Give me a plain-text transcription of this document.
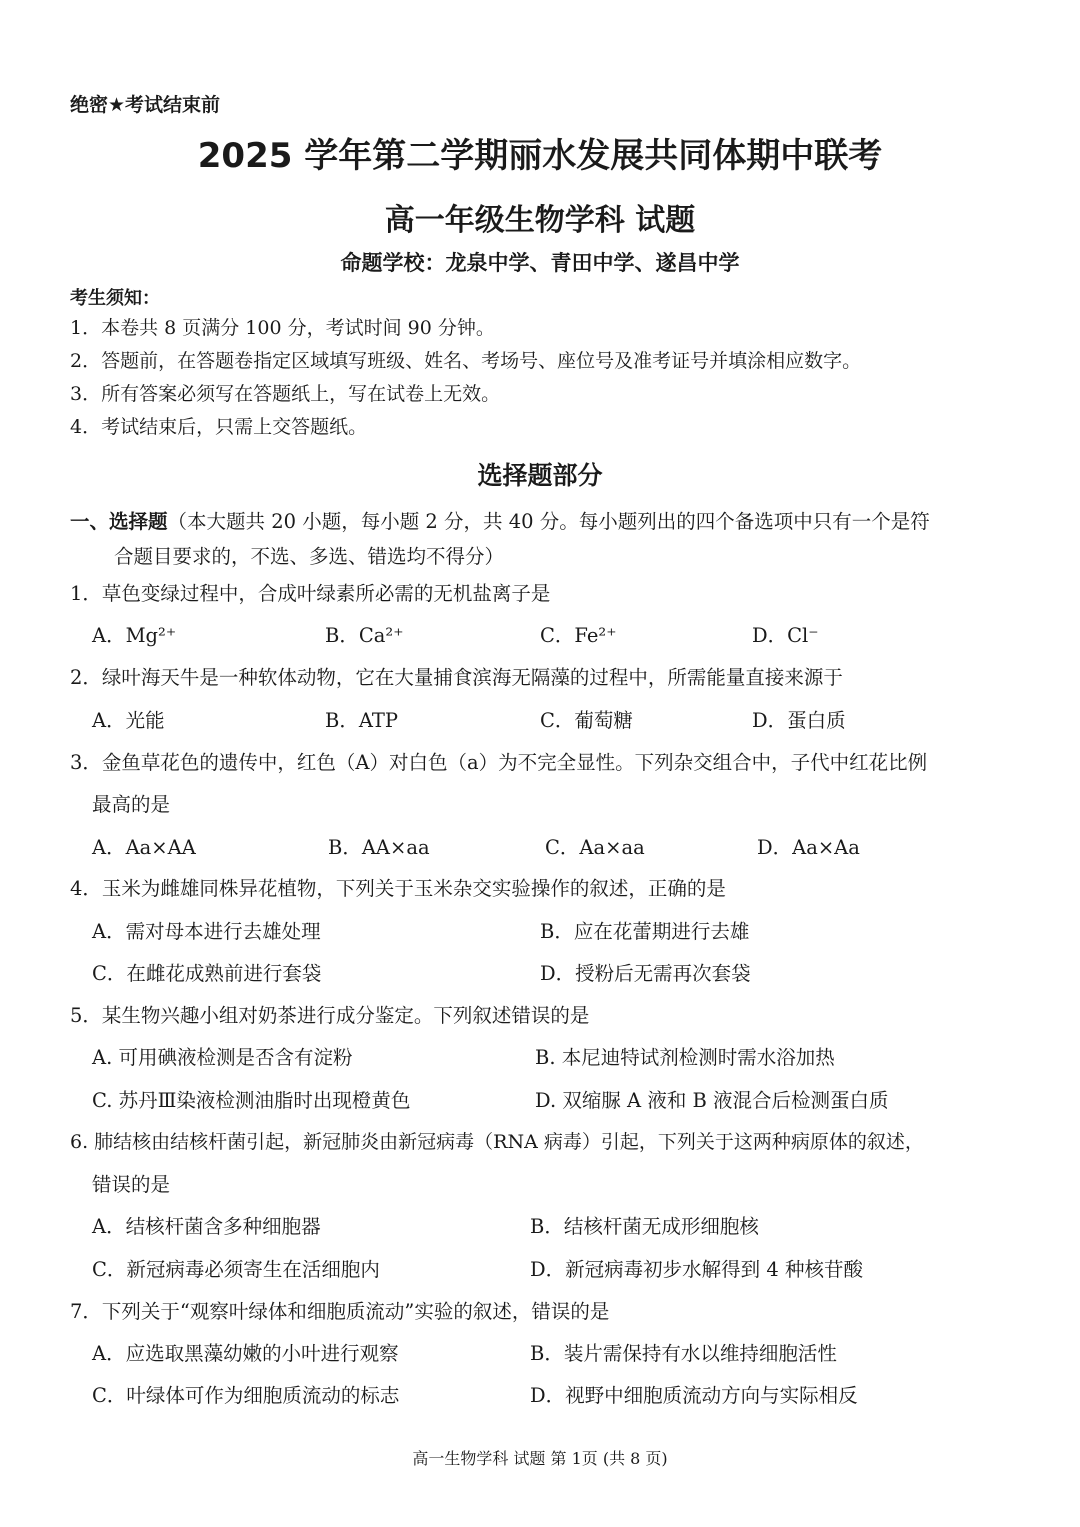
绝密★考试结束前
2025 学年第二学期丽水发展共同体期中联考
高一年级生物学科 试题
命题学校：龙泉中学、青田中学、遂昌中学
考生须知：
1．本卷共 8 页满分 100 分，考试时间 90 分钟。
2．答题前，在答题卷指定区域填写班级、姓名、考场号、座位号及准考证号并填涂相应数字。
3．所有答案必须写在答题纸上，写在试卷上无效。
4．考试结束后，只需上交答题纸。
选择题部分
一、选择题（本大题共 20 小题，每小题 2 分，共 40 分。每小题列出的四个备选项中只有一个是符
合题目要求的，不选、多选、错选均不得分）
1．草色变绿过程中，合成叶绿素所必需的无机盐离子是
A．Mg²⁺	B．Ca²⁺	C．Fe²⁺	D．Cl⁻
2．绿叶海天牛是一种软体动物，它在大量捕食滨海无隔藻的过程中，所需能量直接来源于
A．光能	B．ATP	C．葡萄糖	D．蛋白质
3．金鱼草花色的遗传中，红色（A）对白色（a）为不完全显性。下列杂交组合中，子代中红花比例
最高的是
A．Aa×AA	B．AA×aa	C．Aa×aa	D．Aa×Aa
4．玉米为雌雄同株异花植物，下列关于玉米杂交实验操作的叙述，正确的是
A．需对母本进行去雄处理	B．应在花蕾期进行去雄
C．在雌花成熟前进行套袋	D．授粉后无需再次套袋
5．某生物兴趣小组对奶茶进行成分鉴定。下列叙述错误的是
A. 可用碘液检测是否含有淀粉	B. 本尼迪特试剂检测时需水浴加热
C. 苏丹Ⅲ染液检测油脂时出现橙黄色	D. 双缩脲 A 液和 B 液混合后检测蛋白质
6. 肺结核由结核杆菌引起，新冠肺炎由新冠病毒（RNA 病毒）引起，下列关于这两种病原体的叙述，
错误的是
A．结核杆菌含多种细胞器	B．结核杆菌无成形细胞核
C．新冠病毒必须寄生在活细胞内	D．新冠病毒初步水解得到 4 种核苷酸
7．下列关于“观察叶绿体和细胞质流动”实验的叙述，错误的是
A．应选取黑藻幼嫩的小叶进行观察	B．装片需保持有水以维持细胞活性
C．叶绿体可作为细胞质流动的标志	D．视野中细胞质流动方向与实际相反
高一生物学科 试题 第 1页 (共 8 页)
